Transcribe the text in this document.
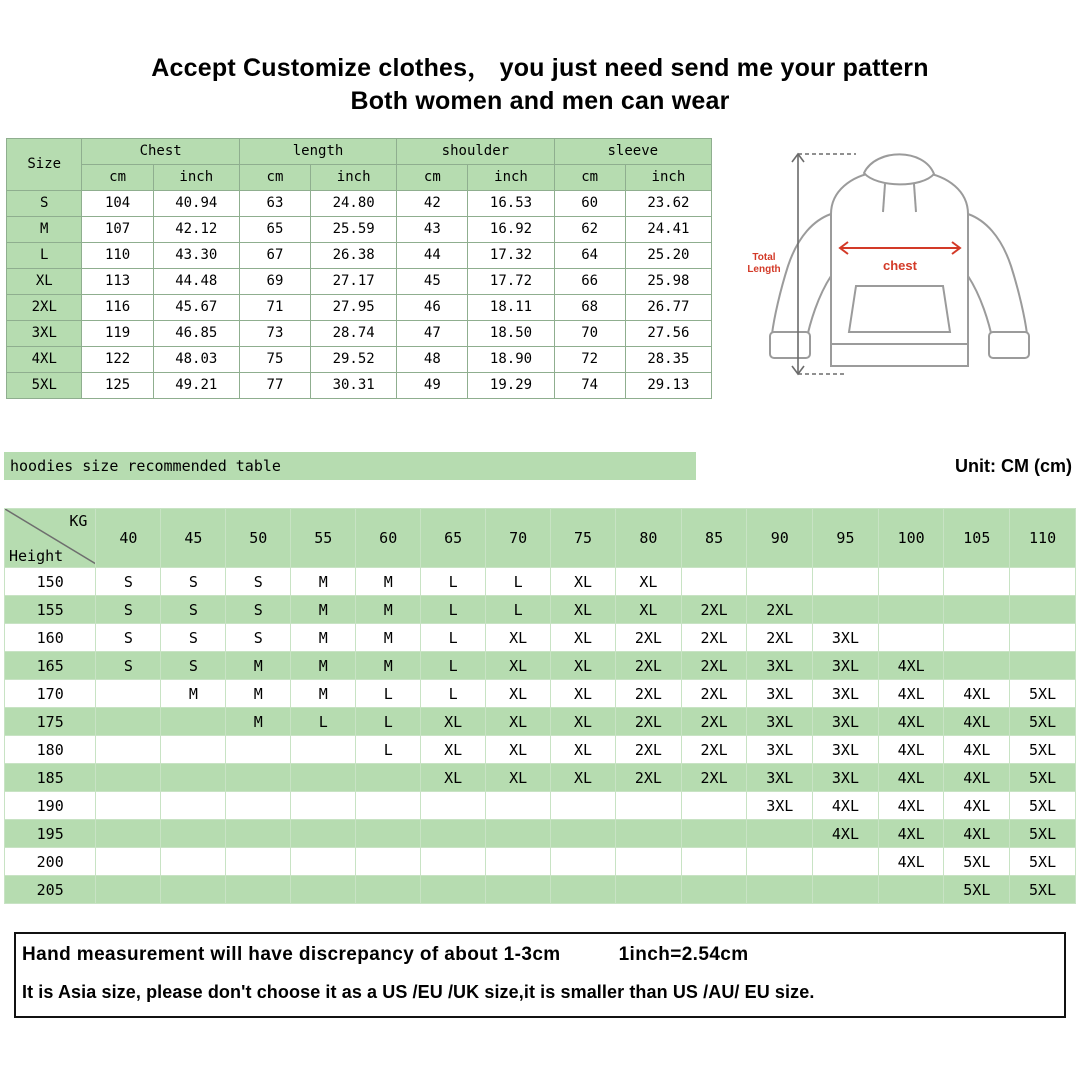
Accept Customize clothes， you just need send me your pattern
Both women and men can wear
Size	Chest		length		shoulder		sleeve	
	cm	inch	cm	inch	cm	inch	cm	inch
S	104	40.94	63	24.80	42	16.53	60	23.62
M	107	42.12	65	25.59	43	16.92	62	24.41
L	110	43.30	67	26.38	44	17.32	64	25.20
XL	113	44.48	69	27.17	45	17.72	66	25.98
2XL	116	45.67	71	27.95	46	18.11	68	26.77
3XL	119	46.85	73	28.74	47	18.50	70	27.56
4XL	122	48.03	75	29.52	48	18.90	72	28.35
5XL	125	49.21	77	30.31	49	19.29	74	29.13
chest
Total
Length
hoodies size recommended table	Unit: CM (cm)
KG
Height	40	45	50	55	60	65	70	75	80	85	90	95	100	105	110
150	S	S	S	M	M	L	L	XL	XL						
155	S	S	S	M	M	L	L	XL	XL	2XL	2XL				
160	S	S	S	M	M	L	XL	XL	2XL	2XL	2XL	3XL			
165	S	S	M	M	M	L	XL	XL	2XL	2XL	3XL	3XL	4XL		
170		M	M	M	L	L	XL	XL	2XL	2XL	3XL	3XL	4XL	4XL	5XL
175			M	L	L	XL	XL	XL	2XL	2XL	3XL	3XL	4XL	4XL	5XL
180					L	XL	XL	XL	2XL	2XL	3XL	3XL	4XL	4XL	5XL
185						XL	XL	XL	2XL	2XL	3XL	3XL	4XL	4XL	5XL
190											3XL	4XL	4XL	4XL	5XL
195												4XL	4XL	4XL	5XL
200													4XL	5XL	5XL
205														5XL	5XL
Hand measurement will have discrepancy of about 1-3cm	1inch=2.54cm
It is Asia size, please don't choose it as a US /EU /UK size,it is smaller than US /AU/ EU size.
